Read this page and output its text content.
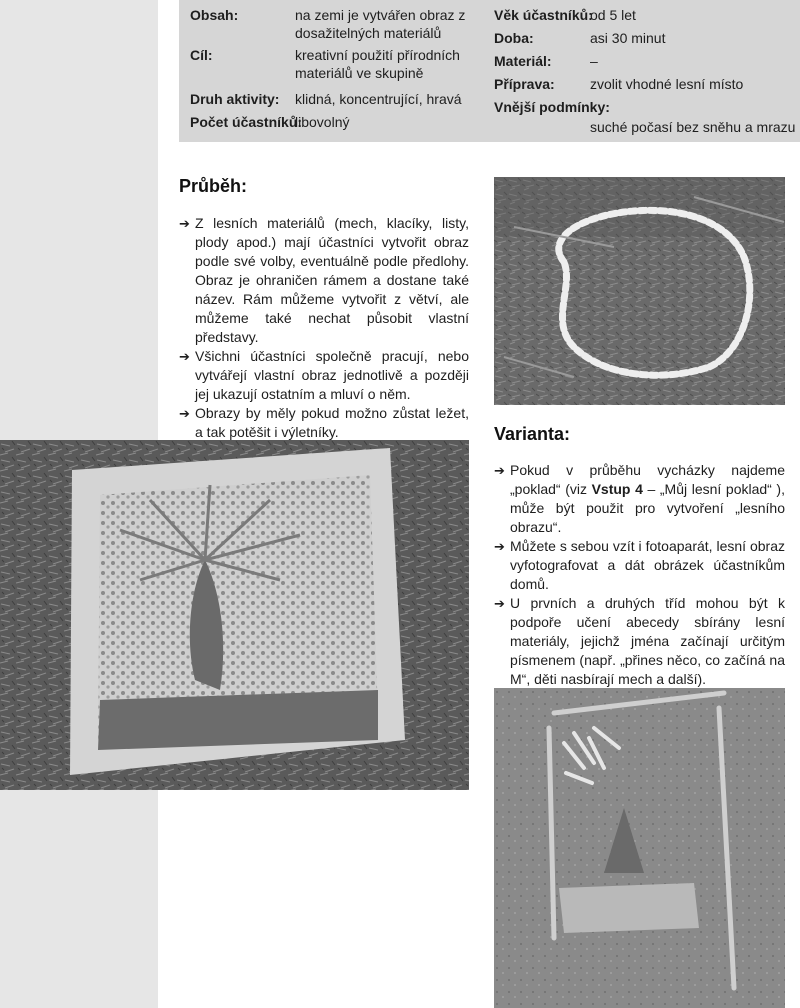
Obsah:	na zemi je vytvářen obraz z dosažitelných materiálů
Cíl:	kreativní použití přírodních materiálů ve skupině
Druh aktivity: klidná, koncentrující, hravá
Počet účastníků:
libovolný
Věk účastníků:
od 5 let
Doba:	asi 30 minut
Materiál:	–
Příprava:	zvolit vhodné lesní místo
Vnější podmínky:
suché počasí bez sněhu a mrazu
Průběh:
➔ Z lesních materiálů (mech, klacíky, listy, plody apod.) mají účastníci vytvořit obraz podle své volby, eventuálně podle předlohy. Obraz je ohraničen rámem a dostane také název. Rám můžeme vytvořit z větví, ale můžeme také nechat působit vlastní představy.
➔ Všichni účastníci společně pracují, nebo vytvářejí vlastní obraz jednotlivě a později jej ukazují ostatním a mluví o něm.
➔ Obrazy by měly pokud možno zůstat ležet, a tak potěšit i výletníky.	Varianta:
➔ Pokud v průběhu vycházky najdeme „poklad“ (viz Vstup 4 – „Můj lesní poklad“ ), může být použit pro vytvoření „lesního obrazu“.
➔ Můžete s sebou vzít i fotoaparát, lesní obraz vyfotografovat a dát obrázek účastníkům domů.
➔ U prvních a druhých tříd mohou být k podpoře učení abecedy sbírány lesní materiály, jejichž jména začínají určitým písmenem (např. „přines něco, co začíná na M“, děti nasbírají mech a další).
